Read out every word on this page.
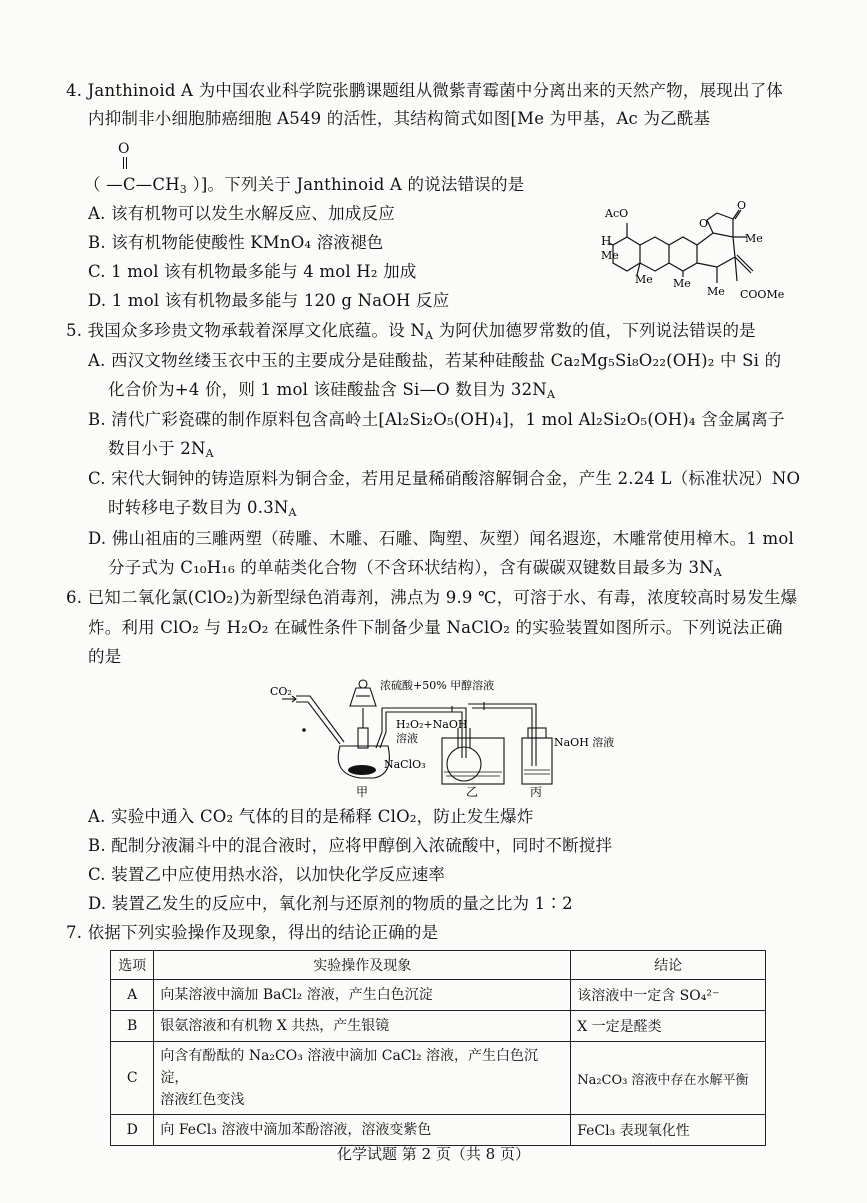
4. Janthinoid A 为中国农业科学院张鹏课题组从微紫青霉菌中分离出来的天然产物，展现出了体
内抑制非小细胞肺癌细胞 A549 的活性，其结构简式如图[Me 为甲基，Ac 为乙酰基
O
（ $—C—CH_3$ ）]。下列关于 Janthinoid A 的说法错误的是
A. 该有机物可以发生水解反应、加成反应
B. 该有机物能使酸性 KMnO₄ 溶液褪色
C. 1 mol 该有机物最多能与 4 mol H₂ 加成
D. 1 mol 该有机物最多能与 120 g NaOH 反应
AcO
O
O
H
Me
Me Me
Me
Me
COOMe
5. 我国众多珍贵文物承载着深厚文化底蕴。设 $N_A$ 为阿伏加德罗常数的值，下列说法错误的是
A. 西汉文物丝缕玉衣中玉的主要成分是硅酸盐，若某种硅酸盐 Ca₂Mg₅Si₈O₂₂(OH)₂ 中 Si 的
化合价为+4 价，则 1 mol 该硅酸盐含 Si—O 数目为 $32N_A$
B. 清代广彩瓷碟的制作原料包含高岭土[Al₂Si₂O₅(OH)₄]，1 mol Al₂Si₂O₅(OH)₄ 含金属离子
数目小于 $2N_A$
C. 宋代大铜钟的铸造原料为铜合金，若用足量稀硝酸溶解铜合金，产生 2.24 L（标准状况）NO
时转移电子数目为 $0.3N_A$
D. 佛山祖庙的三雕两塑（砖雕、木雕、石雕、陶塑、灰塑）闻名遐迩，木雕常使用樟木。1 mol
分子式为 C₁₀H₁₆ 的单萜类化合物（不含环状结构），含有碳碳双键数目最多为 $3N_A$
6. 已知二氧化氯(ClO₂)为新型绿色消毒剂，沸点为 9.9 ℃，可溶于水、有毒，浓度较高时易发生爆
炸。利用 ClO₂ 与 H₂O₂ 在碱性条件下制备少量 NaClO₂ 的实验装置如图所示。下列说法正确
的是
CO₂	浓硫酸+50% 甲醇溶液
H₂O₂+NaOH
溶液
NaClO₃
NaOH 溶液
甲	乙	丙
A. 实验中通入 CO₂ 气体的目的是稀释 ClO₂，防止发生爆炸
B. 配制分液漏斗中的混合液时，应将甲醇倒入浓硫酸中，同时不断搅拌
C. 装置乙中应使用热水浴，以加快化学反应速率
D. 装置乙发生的反应中，氧化剂与还原剂的物质的量之比为 1∶2
7. 依据下列实验操作及现象，得出的结论正确的是
选项	实验操作及现象	结论
A	向某溶液中滴加 BaCl₂ 溶液，产生白色沉淀	该溶液中一定含 SO₄²⁻
B	银氨溶液和有机物 X 共热，产生银镜	X 一定是醛类
C	向含有酚酞的 Na₂CO₃ 溶液中滴加 CaCl₂ 溶液，产生白色沉淀，
溶液红色变浅	Na₂CO₃ 溶液中存在水解平衡
D	向 FeCl₃ 溶液中滴加苯酚溶液，溶液变紫色	FeCl₃ 表现氧化性
化学试题 第 2 页（共 8 页）
